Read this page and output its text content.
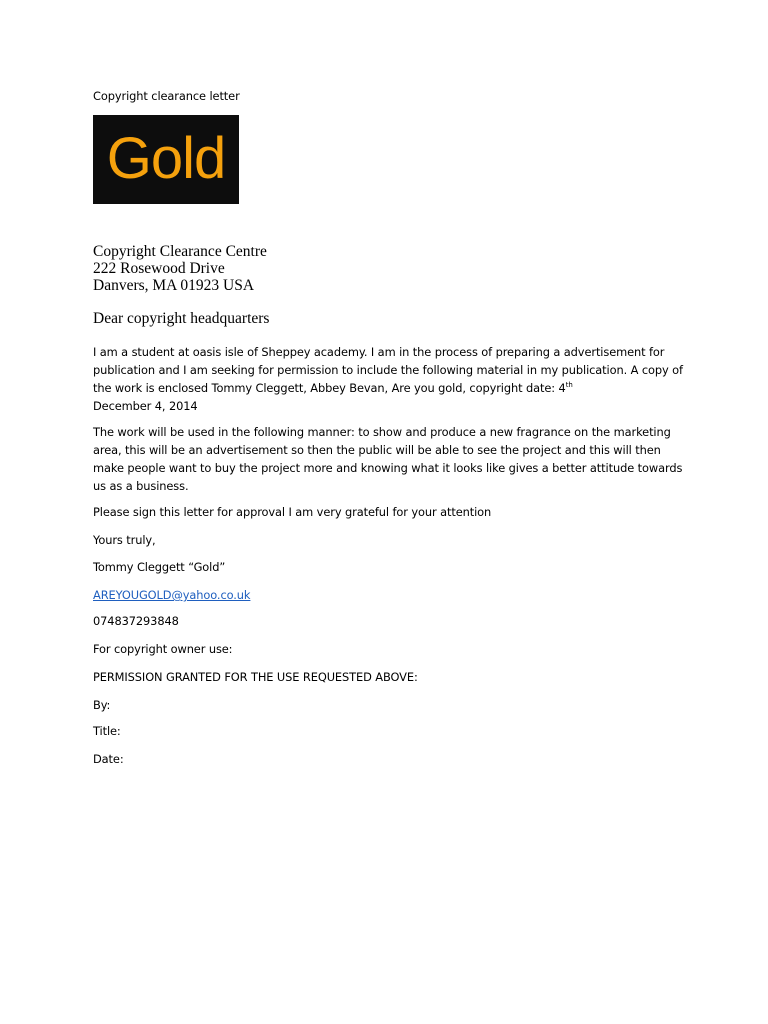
Copyright clearance letter
Gold
Copyright Clearance Centre
222 Rosewood Drive
Danvers, MA 01923 USA
Dear copyright headquarters
I am a student at oasis isle of Sheppey academy. I am in the process of preparing a advertisement for publication and I am seeking for permission to include the following material in my publication. A copy of the work is enclosed Tommy Cleggett, Abbey Bevan, Are you gold, copyright date: 4th
December 4, 2014
The work will be used in the following manner: to show and produce a new fragrance on the marketing area, this will be an advertisement so then the public will be able to see the project and this will then make people want to buy the project more and knowing what it looks like gives a better attitude towards us as a business.
Please sign this letter for approval I am very grateful for your attention
Yours truly,
Tommy Cleggett “Gold”
AREYOUGOLD@yahoo.co.uk
074837293848
For copyright owner use:
PERMISSION GRANTED FOR THE USE REQUESTED ABOVE:
By:
Title:
Date:
